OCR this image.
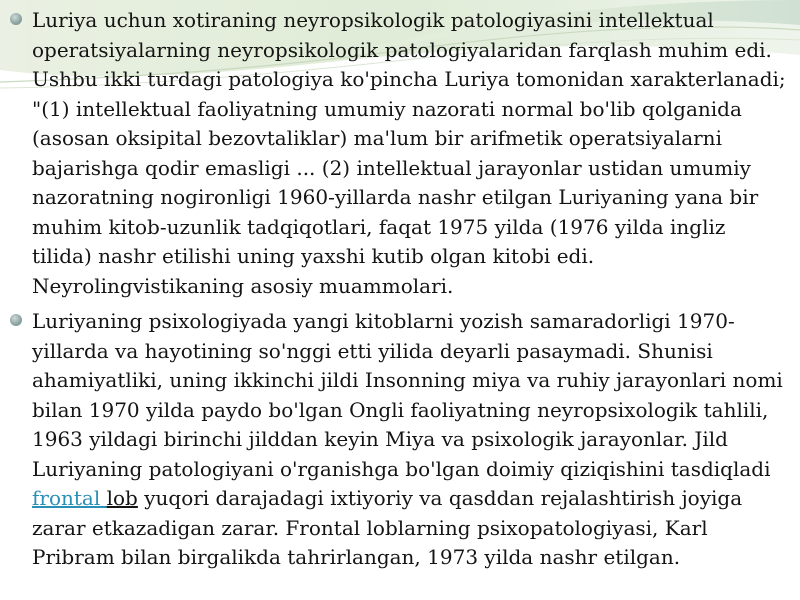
Luriya uchun xotiraning neyropsikologik patologiyasini intellektual operatsiyalarning neyropsikologik patologiyalaridan farqlash muhim edi. Ushbu ikki turdagi patologiya ko'pincha Luriya tomonidan xarakterlanadi; "(1) intellektual faoliyatning umumiy nazorati normal bo'lib qolganida (asosan oksipital bezovtaliklar) ma'lum bir arifmetik operatsiyalarni bajarishga qodir emasligi ... (2) intellektual jarayonlar ustidan umumiy nazoratning nogironligi 1960-yillarda nashr etilgan Luriyaning yana bir muhim kitob-uzunlik tadqiqotlari, faqat 1975 yilda (1976 yilda ingliz tilida) nashr etilishi uning yaxshi kutib olgan kitobi edi. Neyrolingvistikaning asosiy muammolari.
Luriyaning psixologiyada yangi kitoblarni yozish samaradorligi 1970-yillarda va hayotining so'nggi etti yilida deyarli pasaymadi. Shunisi ahamiyatliki, uning ikkinchi jildi Insonning miya va ruhiy jarayonlari nomi bilan 1970 yilda paydo bo'lgan Ongli faoliyatning neyropsixologik tahlili, 1963 yildagi birinchi jilddan keyin Miya va psixologik jarayonlar. Jild Luriyaning patologiyani o'rganishga bo'lgan doimiy qiziqishini tasdiqladi frontal lob yuqori darajadagi ixtiyoriy va qasddan rejalashtirish joyiga zarar etkazadigan zarar. Frontal loblarning psixopatologiyasi, Karl Pribram bilan birgalikda tahrirlangan, 1973 yilda nashr etilgan.
